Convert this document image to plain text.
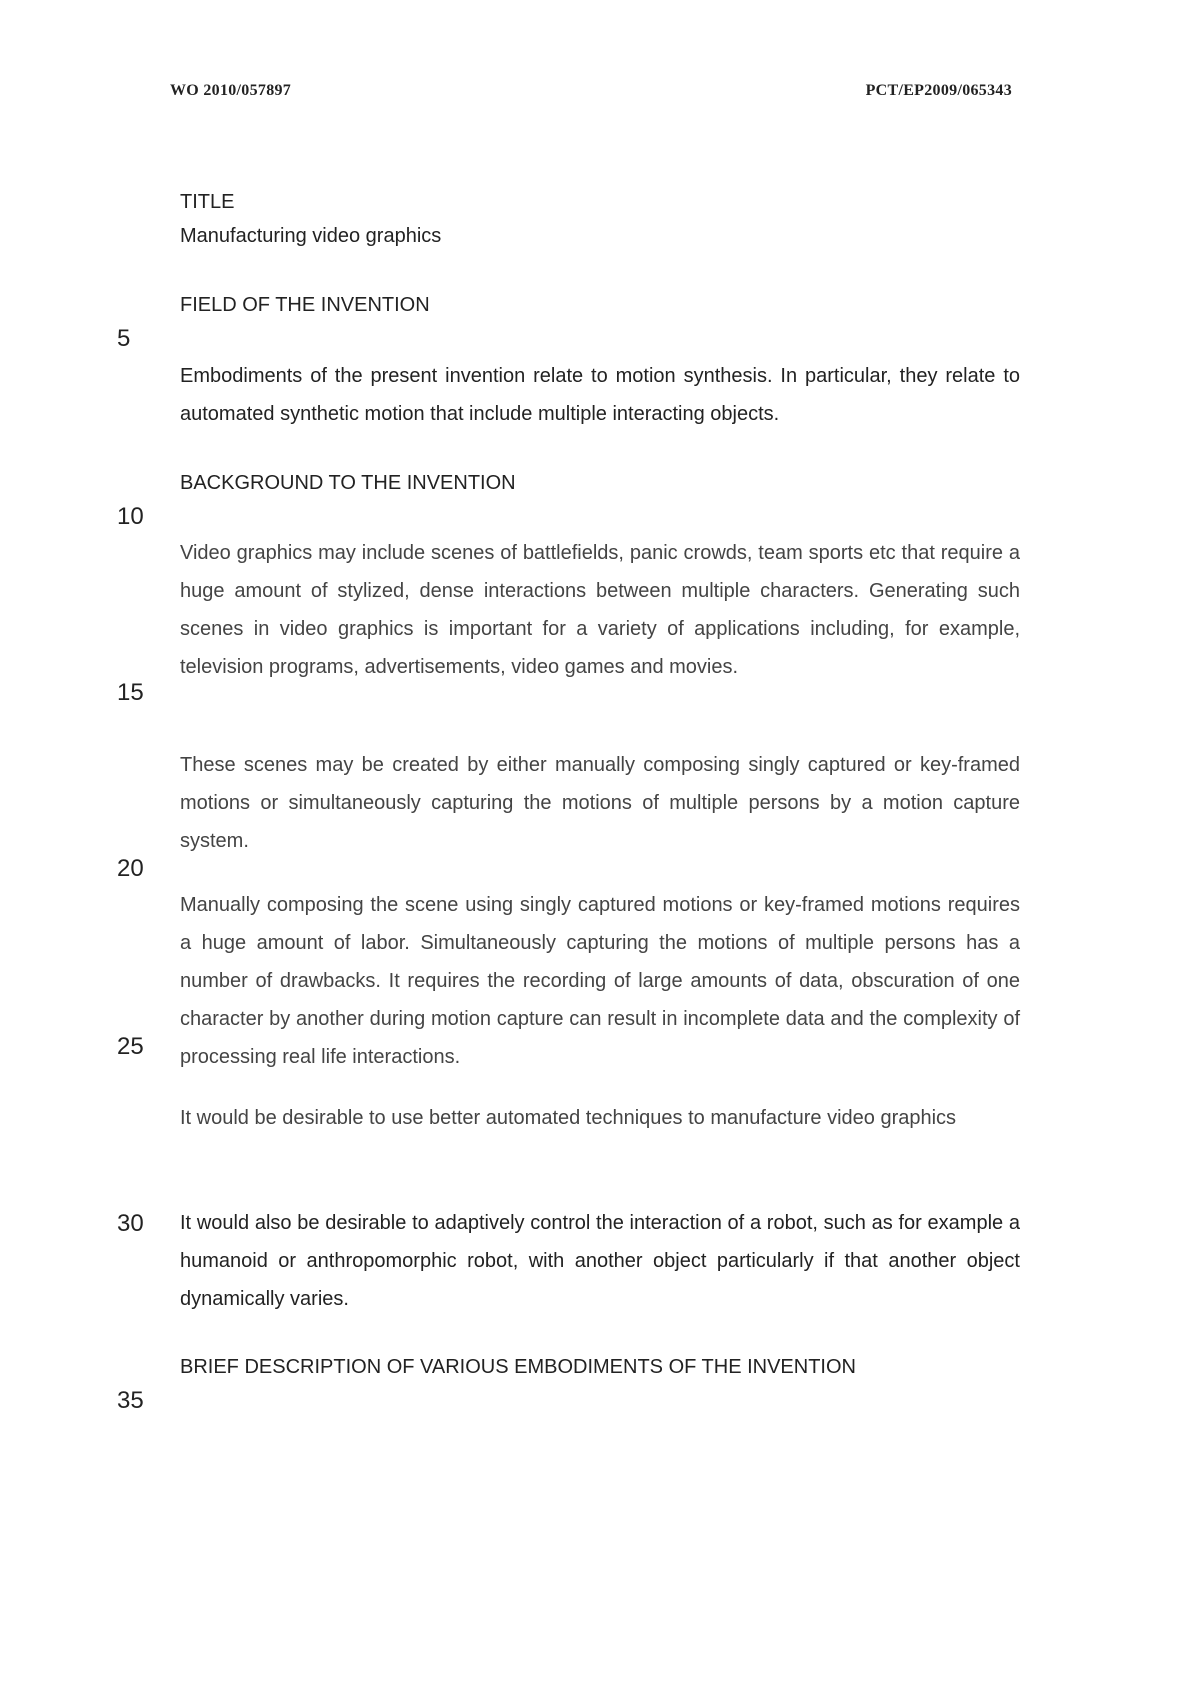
WO 2010/057897	PCT/EP2009/065343
TITLE
Manufacturing video graphics
FIELD OF THE INVENTION

Embodiments of the present invention relate to motion synthesis. In particular, they relate to automated synthetic motion that include multiple interacting objects.

BACKGROUND TO THE INVENTION

Video graphics may include scenes of battlefields, panic crowds, team sports etc that require a huge amount of stylized, dense interactions between multiple characters. Generating such scenes in video graphics is important for a variety of applications including, for example, television programs, advertisements, video games and movies.

These scenes may be created by either manually composing singly captured or key-framed motions or simultaneously capturing the motions of multiple persons by a motion capture system.

Manually composing the scene using singly captured motions or key-framed motions requires a huge amount of labor. Simultaneously capturing the motions of multiple persons has a number of drawbacks. It requires the recording of large amounts of data, obscuration of one character by another during motion capture can result in incomplete data and the complexity of processing real life interactions.

It would be desirable to use better automated techniques to manufacture video graphics

It would also be desirable to adaptively control the interaction of a robot, such as for example a humanoid or anthropomorphic robot, with another object particularly if that another object dynamically varies.

BRIEF DESCRIPTION OF VARIOUS EMBODIMENTS OF THE INVENTION
5
10
15
20
25
30
35
